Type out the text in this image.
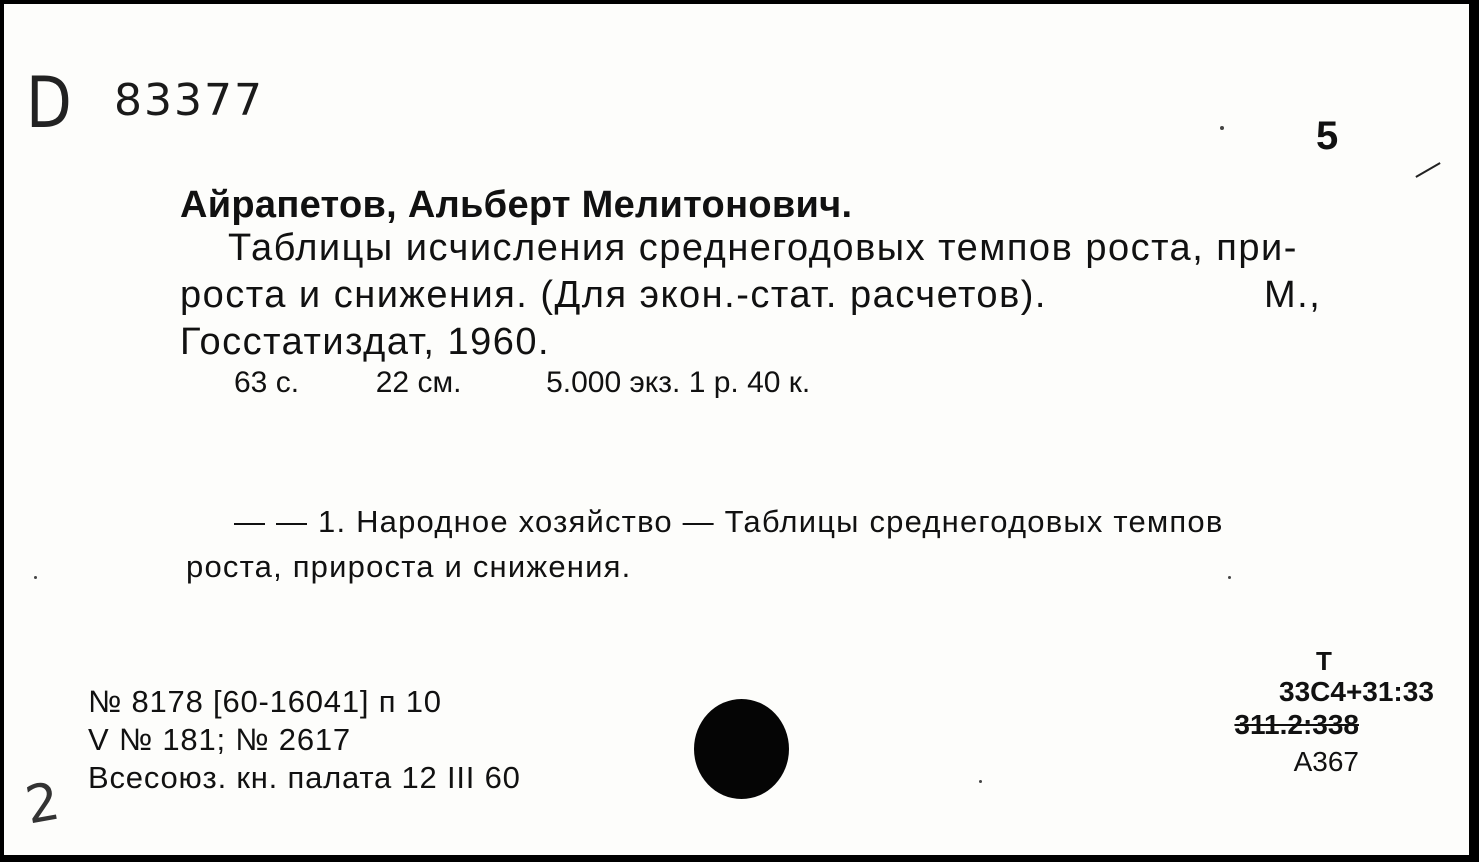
D 83377
5
Айрапетов, Альберт Мелитонович.
Таблицы исчисления среднегодовых темпов роста, при-
роста и снижения. (Для экон.-стат. расчетов).	М.,
Госстатиздат, 1960.
63 с.	22 см.	5.000 экз. 1 р. 40 к.
— — 1. Народное хозяйство — Таблицы среднегодовых темпов
роста, прироста и снижения.
№ 8178 [60-16041] п 10
V № 181; № 2617
Всесоюз. кн. палата 12 III 60
Т
33С4+31:33
311.2:338
А367
2
